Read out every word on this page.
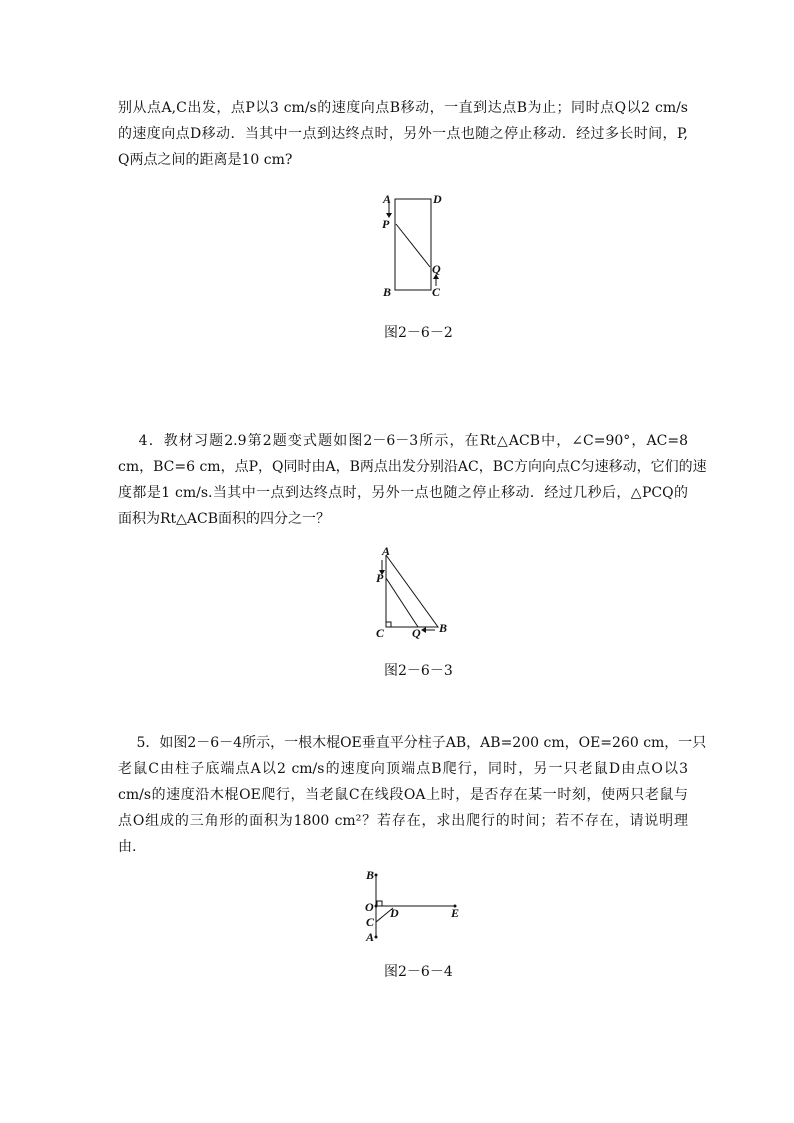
别从点A,C出发，点P以3 cm/s的速度向点B移动，一直到达点B为止；同时点Q以2 cm/s
的速度向点D移动．当其中一点到达终点时，另外一点也随之停止移动．经过多长时间，P,
Q两点之间的距离是10 cm?
A	D
P
Q
B	C
图2－6－2
　 4．教材习题2.9第2题变式题如图2－6－3所示，在Rt△ACB中，∠C=90°，AC=8
cm，BC=6 cm，点P，Q同时由A，B两点出发分别沿AC，BC方向向点C匀速移动，它们的速
度都是1 cm/s.当其中一点到达终点时，另外一点也随之停止移动．经过几秒后，△PCQ的
面积为Rt△ACB面积的四分之一？
A
P
C Q B
图2－6－3
　 5．如图2－6－4所示，一根木棍OE垂直平分柱子AB，AB=200 cm，OE=260 cm，一只
老鼠C由柱子底端点A以2 cm/s的速度向顶端点B爬行，同时，另一只老鼠D由点O以3
cm/s的速度沿木棍OE爬行，当老鼠C在线段OA上时，是否存在某一时刻，使两只老鼠与
点O组成的三角形的面积为1800 cm²？若存在，求出爬行的时间；若不存在，请说明理
由.
B
O
C
D	E
A
图2－6－4
